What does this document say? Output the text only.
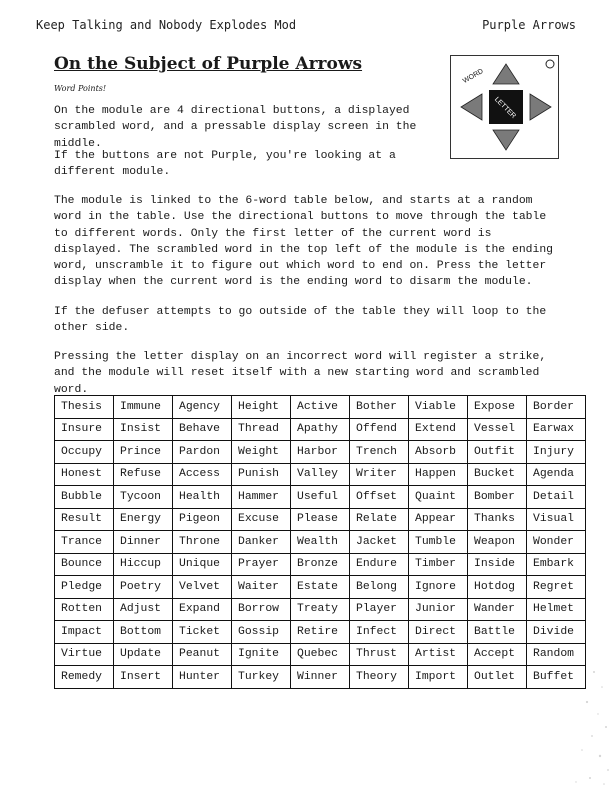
Keep Talking and Nobody Explodes Mod	Purple Arrows
On the Subject of Purple Arrows
Word Points!

On the module are 4 directional buttons, a displayed scrambled word, and a pressable display screen in the middle.

If the buttons are not Purple, you're looking at a different module.

The module is linked to the 6-word table below, and starts at a random word in the table. Use the directional buttons to move through the table to different words. Only the first letter of the current word is displayed. The scrambled word in the top left of the module is the ending word, unscramble it to figure out which word to end on. Press the letter display when the current word is the ending word to disarm the module.

If the defuser attempts to go outside of the table they will loop to the other side.

Pressing the letter display on an incorrect word will register a strike, and the module will reset itself with a new starting word and scrambled word.

LETTER
WORD
Thesis	Immune	Agency	Height	Active	Bother	Viable	Expose	Border
Insure	Insist	Behave	Thread	Apathy	Offend	Extend	Vessel	Earwax
Occupy	Prince	Pardon	Weight	Harbor	Trench	Absorb	Outfit	Injury
Honest	Refuse	Access	Punish	Valley	Writer	Happen	Bucket	Agenda
Bubble	Tycoon	Health	Hammer	Useful	Offset	Quaint	Bomber	Detail
Result	Energy	Pigeon	Excuse	Please	Relate	Appear	Thanks	Visual
Trance	Dinner	Throne	Danker	Wealth	Jacket	Tumble	Weapon	Wonder
Bounce	Hiccup	Unique	Prayer	Bronze	Endure	Timber	Inside	Embark
Pledge	Poetry	Velvet	Waiter	Estate	Belong	Ignore	Hotdog	Regret
Rotten	Adjust	Expand	Borrow	Treaty	Player	Junior	Wander	Helmet
Impact	Bottom	Ticket	Gossip	Retire	Infect	Direct	Battle	Divide
Virtue	Update	Peanut	Ignite	Quebec	Thrust	Artist	Accept	Random
Remedy	Insert	Hunter	Turkey	Winner	Theory	Import	Outlet	Buffet
